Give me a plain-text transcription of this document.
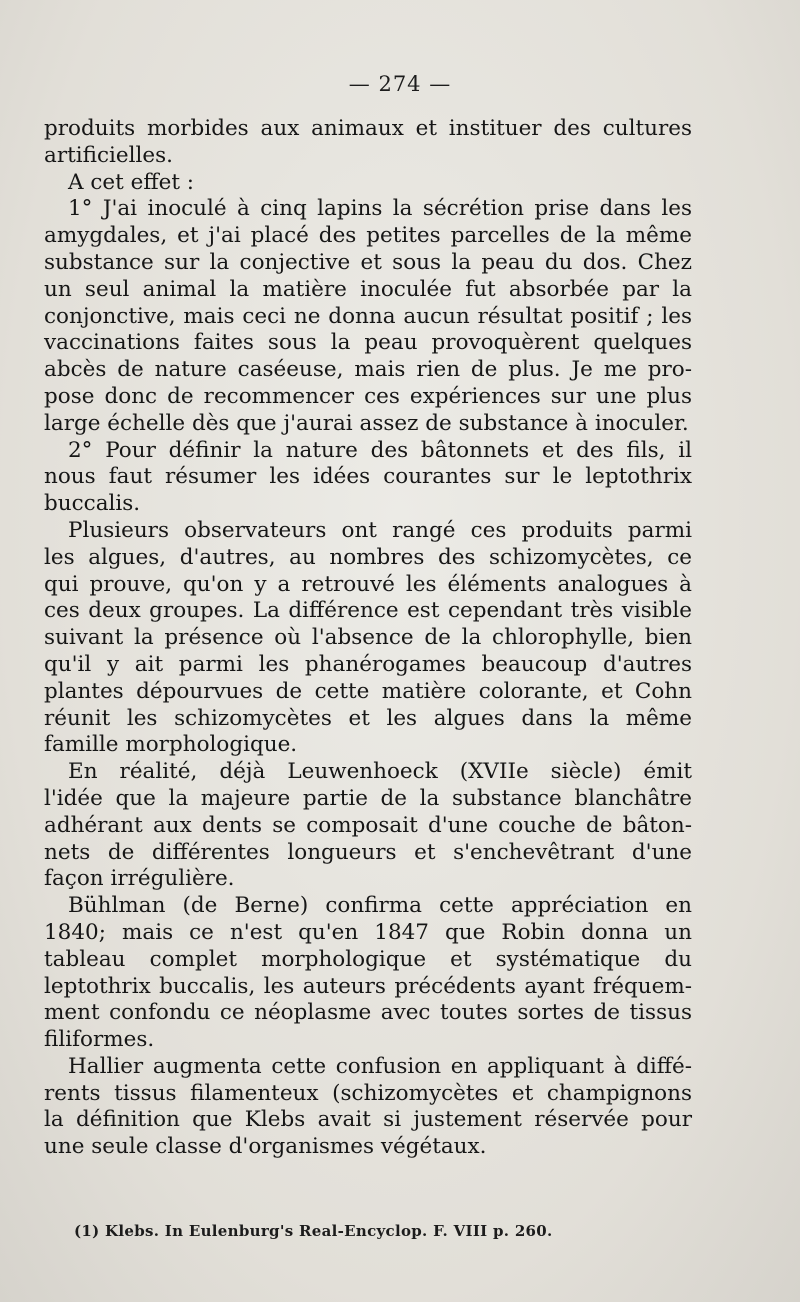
— 274 —
produits morbides aux animaux et instituer des cultures
artificielles.
A cet effet :
1° J'ai inoculé à cinq lapins la sécrétion prise dans les
amygdales, et j'ai placé des petites parcelles de la même
substance sur la conjective et sous la peau du dos. Chez
un seul animal la matière inoculée fut absorbée par la
conjonctive, mais ceci ne donna aucun résultat positif ; les
vaccinations faites sous la peau provoquèrent quelques
abcès de nature caséeuse, mais rien de plus. Je me pro-
pose donc de recommencer ces expériences sur une plus
large échelle dès que j'aurai assez de substance à inoculer.
2° Pour définir la nature des bâtonnets et des fils, il
nous faut résumer les idées courantes sur le leptothrix
buccalis.
Plusieurs observateurs ont rangé ces produits parmi
les algues, d'autres, au nombres des schizomycètes, ce
qui prouve, qu'on y a retrouvé les éléments analogues à
ces deux groupes. La différence est cependant très visible
suivant la présence où l'absence de la chlorophylle, bien
qu'il y ait parmi les phanérogames beaucoup d'autres
plantes dépourvues de cette matière colorante, et Cohn
réunit les schizomycètes et les algues dans la même
famille morphologique.
En réalité, déjà Leuwenhoeck (XVIIe siècle) émit
l'idée que la majeure partie de la substance blanchâtre
adhérant aux dents se composait d'une couche de bâton-
nets de différentes longueurs et s'enchevêtrant d'une
façon irrégulière.
Bühlman (de Berne) confirma cette appréciation en
1840; mais ce n'est qu'en 1847 que Robin donna un
tableau complet morphologique et systématique du
leptothrix buccalis, les auteurs précédents ayant fréquem-
ment confondu ce néoplasme avec toutes sortes de tissus
filiformes.
Hallier augmenta cette confusion en appliquant à diffé-
rents tissus filamenteux (schizomycètes et champignons
la définition que Klebs avait si justement réservée pour
une seule classe d'organismes végétaux.
(1) Klebs. In Eulenburg's Real-Encyclop. F. VIII p. 260.
